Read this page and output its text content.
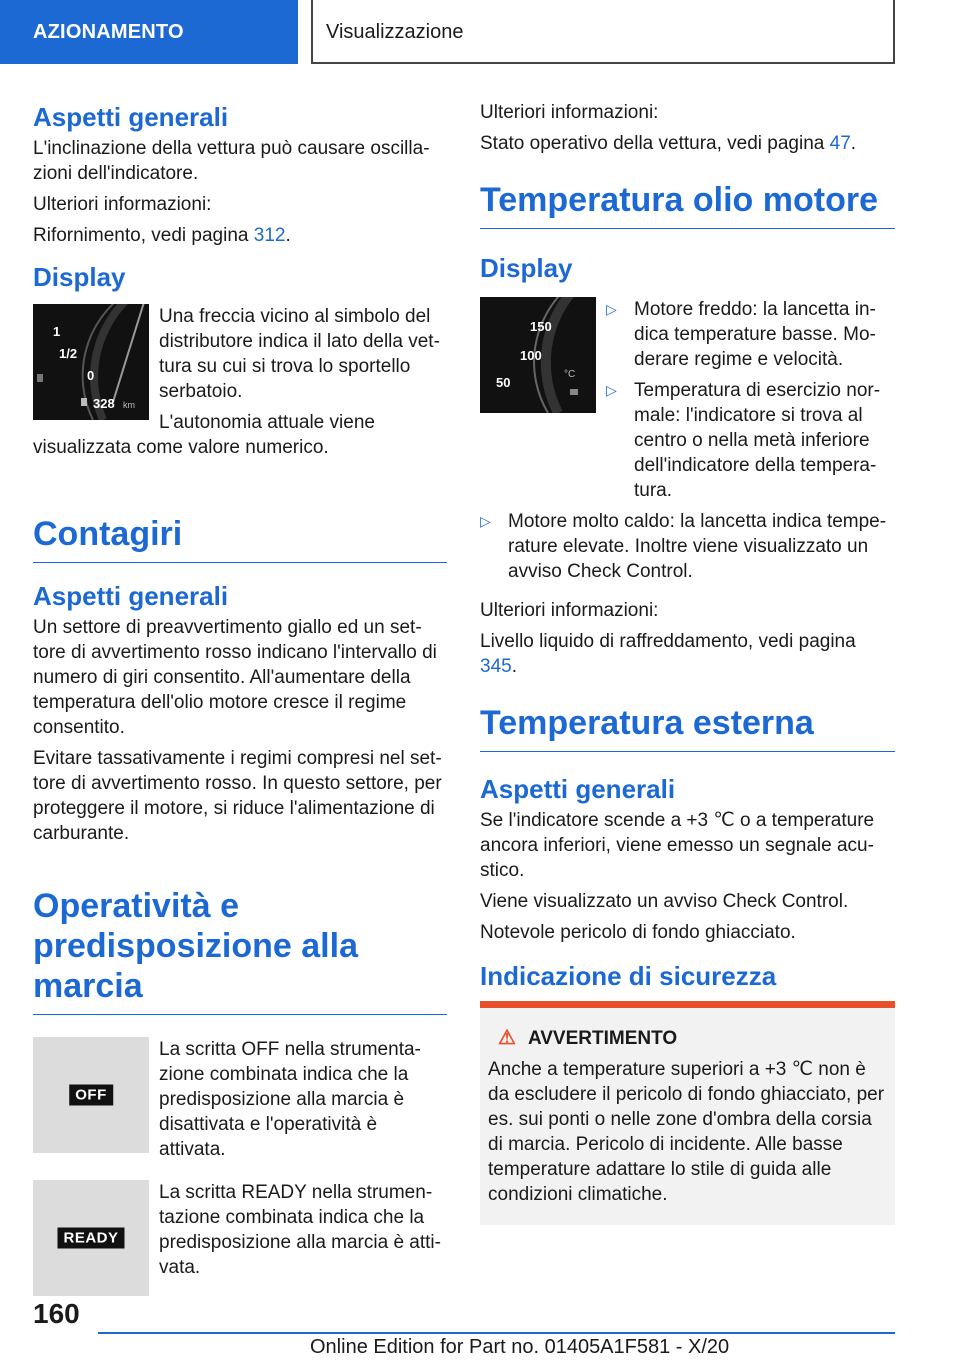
AZIONAMENTO	Visualizzazione
Aspetti generali

L'inclinazione della vettura può causare oscillazioni dell'indicatore.

Ulteriori informazioni:

Rifornimento, vedi pagina 312.

Display
1
1/2
0
328 km

Una freccia vicino al simbolo del distributore indica il lato della vettura su cui si trova lo sportello serbatoio.

L'autonomia attuale viene visualizzata come valore numerico.

Contagiri
Aspetti generali

Un settore di preavvertimento giallo ed un settore di avvertimento rosso indicano l'intervallo di numero di giri consentito. All'aumentare della temperatura dell'olio motore cresce il regime consentito.

Evitare tassativamente i regimi compresi nel settore di avvertimento rosso. In questo settore, per proteggere il motore, si riduce l'alimentazione di carburante.

Operatività e predisposizione alla marcia
OFF

La scritta OFF nella strumentazione combinata indica che la predisposizione alla marcia è disattivata e l'operatività è attivata.

READY

La scritta READY nella strumentazione combinata indica che la predisposizione alla marcia è attivata.

Ulteriori informazioni:

Stato operativo della vettura, vedi pagina 47.

Temperatura olio motore
Display
150
100
50
°C
▷ Motore freddo: la lancetta indica temperature basse. Moderare regime e velocità.
▷ Temperatura di esercizio normale: l'indicatore si trova al centro o nella metà inferiore dell'indicatore della temperatura.
▷ Motore molto caldo: la lancetta indica temperature elevate. Inoltre viene visualizzato un avviso Check Control.

Ulteriori informazioni:

Livello liquido di raffreddamento, vedi pagina 345.

Temperatura esterna
Aspetti generali

Se l'indicatore scende a +3 ℃ o a temperature ancora inferiori, viene emesso un segnale acustico.

Viene visualizzato un avviso Check Control.

Notevole pericolo di fondo ghiacciato.

Indicazione di sicurezza
⚠ AVVERTIMENTO

Anche a temperature superiori a +3 ℃ non è da escludere il pericolo di fondo ghiacciato, per es. sui ponti o nelle zone d'ombra della corsia di marcia. Pericolo di incidente. Alle basse temperature adattare lo stile di guida alle condizioni climatiche.

160
Online Edition for Part no. 01405A1F581 - X/20
